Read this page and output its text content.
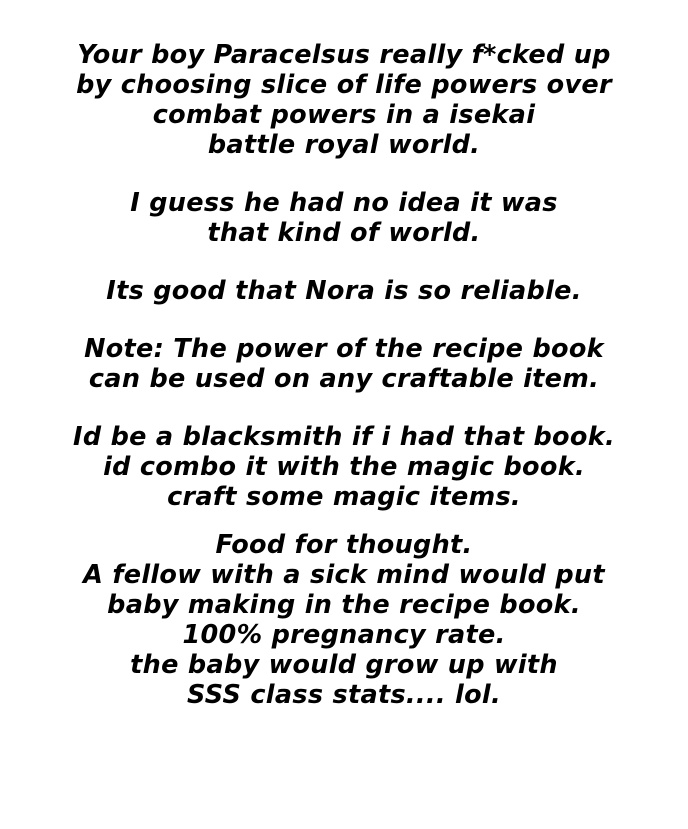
Your boy Paracelsus really f*cked up
by choosing slice of life powers over
combat powers in a isekai
battle royal world.
I guess he had no idea it was
that kind of world.
Its good that Nora is so reliable.
Note: The power of the recipe book
can be used on any craftable item.
Id be a blacksmith if i had that book.
id combo it with the magic book.
craft some magic items.
Food for thought.
A fellow with a sick mind would put
baby making in the recipe book.
100% pregnancy rate.
the baby would grow up with
SSS class stats.... lol.
